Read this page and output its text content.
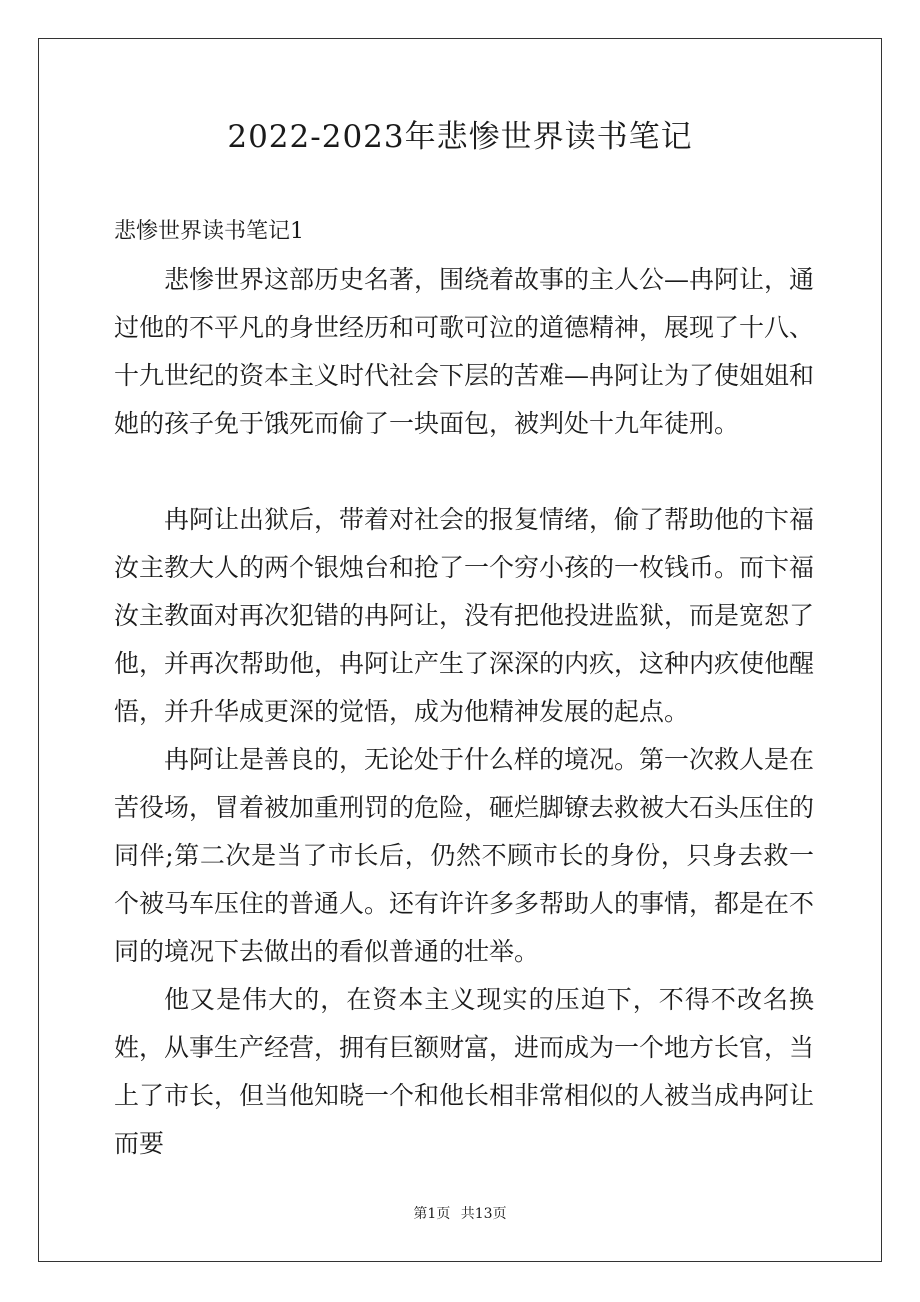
2022-2023年悲惨世界读书笔记

悲惨世界读书笔记1

悲惨世界这部历史名著，围绕着故事的主人公—冉阿让，通过他的不平凡的身世经历和可歌可泣的道德精神，展现了十八、十九世纪的资本主义时代社会下层的苦难—冉阿让为了使姐姐和她的孩子免于饿死而偷了一块面包，被判处十九年徒刑。

冉阿让出狱后，带着对社会的报复情绪，偷了帮助他的卞福汝主教大人的两个银烛台和抢了一个穷小孩的一枚钱币。而卞福汝主教面对再次犯错的冉阿让，没有把他投进监狱，而是宽恕了他，并再次帮助他，冉阿让产生了深深的内疚，这种内疚使他醒悟，并升华成更深的觉悟，成为他精神发展的起点。

冉阿让是善良的，无论处于什么样的境况。第一次救人是在苦役场，冒着被加重刑罚的危险，砸烂脚镣去救被大石头压住的同伴;第二次是当了市长后，仍然不顾市长的身份，只身去救一个被马车压住的普通人。还有许许多多帮助人的事情，都是在不同的境况下去做出的看似普通的壮举。

他又是伟大的，在资本主义现实的压迫下，不得不改名换姓，从事生产经营，拥有巨额财富，进而成为一个地方长官，当上了市长，但当他知晓一个和他长相非常相似的人被当成冉阿让而要

第1页 共13页
